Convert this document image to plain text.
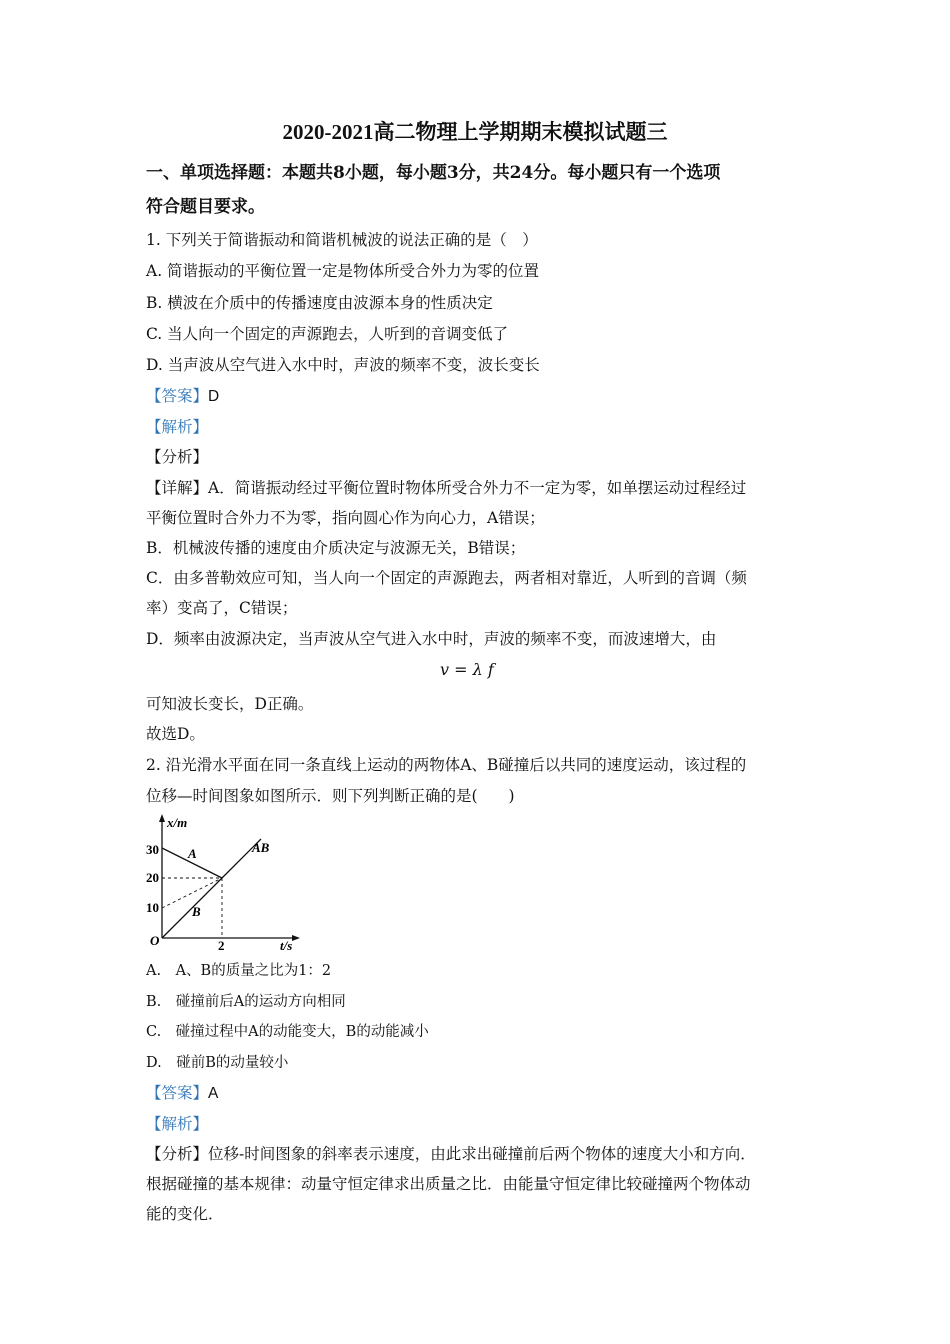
2020-2021高二物理上学期期末模拟试题三
一、单项选择题：本题共8小题，每小题3分，共24分。每小题只有一个选项
符合题目要求。
1. 下列关于简谐振动和简谐机械波的说法正确的是（　）
A. 简谐振动的平衡位置一定是物体所受合外力为零的位置
B. 横波在介质中的传播速度由波源本身的性质决定
C. 当人向一个固定的声源跑去，人听到的音调变低了
D. 当声波从空气进入水中时，声波的频率不变，波长变长
【答案】D
【解析】
【分析】
【详解】A．简谐振动经过平衡位置时物体所受合外力不一定为零，如单摆运动过程经过
平衡位置时合外力不为零，指向圆心作为向心力，A错误；
B．机械波传播的速度由介质决定与波源无关，B错误；
C．由多普勒效应可知，当人向一个固定的声源跑去，两者相对靠近，人听到的音调（频
率）变高了，C错误；
D．频率由波源决定，当声波从空气进入水中时，声波的频率不变，而波速增大，由
v = λ f
可知波长变长，D正确。
故选D。
2. 沿光滑水平面在同一条直线上运动的两物体A、B碰撞后以共同的速度运动，该过程的
位移—时间图象如图所示．则下列判断正确的是(　　)
30
20
10
O	2
x/m
t/s
A
B
AB
A.　A、B的质量之比为1：2
B.　碰撞前后A的运动方向相同
C.　碰撞过程中A的动能变大，B的动能减小
D.　碰前B的动量较小
【答案】A
【解析】
【分析】位移-时间图象的斜率表示速度，由此求出碰撞前后两个物体的速度大小和方向．
根据碰撞的基本规律：动量守恒定律求出质量之比．由能量守恒定律比较碰撞两个物体动
能的变化．
